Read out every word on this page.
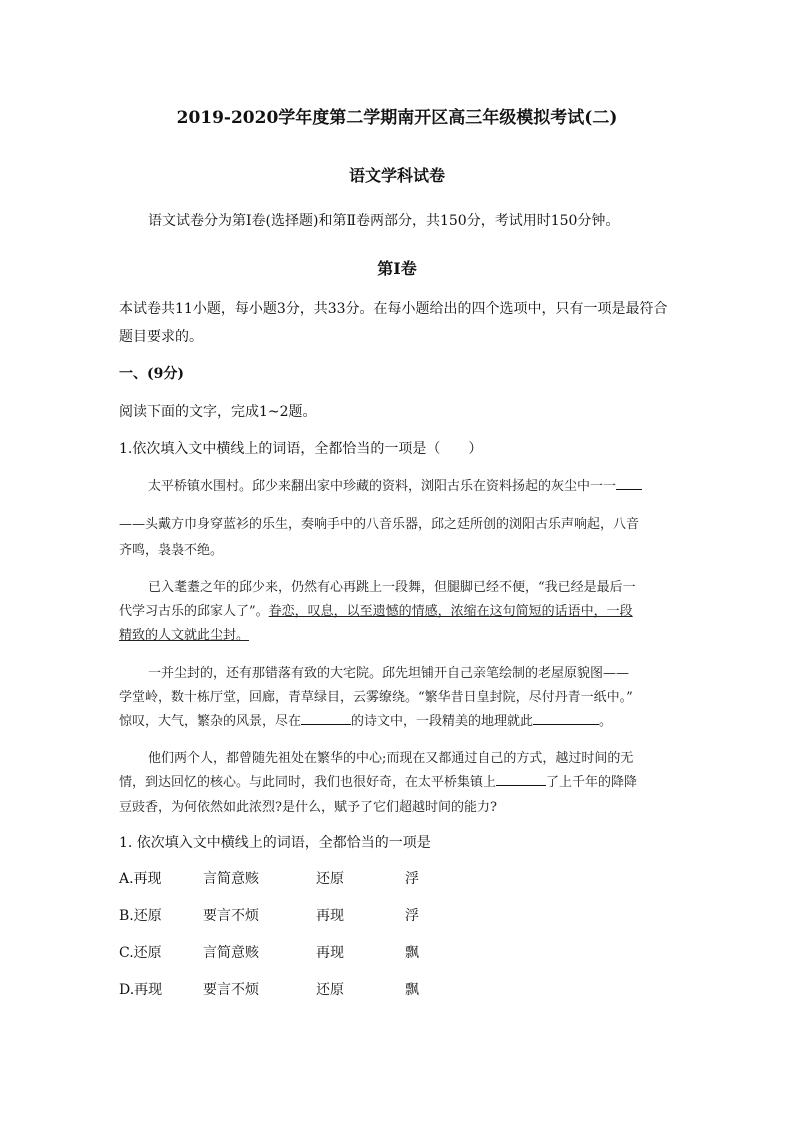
2019-2020学年度第二学期南开区高三年级模拟考试(二)
语文学科试卷
语文试卷分为第Ⅰ卷(选择题)和第Ⅱ卷两部分，共150分，考试用时150分钟。
第Ⅰ卷
本试卷共11小题，每小题3分，共33分。在每小题给出的四个选项中，只有一项是最符合
题目要求的。
一、(9分)
阅读下面的文字，完成1~2题。
1.依次填入文中横线上的词语，全都恰当的一项是（　　）
太平桥镇水围村。邱少来翻出家中珍藏的资料，浏阳古乐在资料扬起的灰尘中一一
——头戴方巾身穿蓝衫的乐生，奏响手中的八音乐器，邱之廷所创的浏阳古乐声响起，八音
齐鸣，袅袅不绝。
已入耄耋之年的邱少来，仍然有心再跳上一段舞，但腿脚已经不便，“我已经是最后一
代学习古乐的邱家人了”。眷恋，叹息，以至遗憾的情感，浓缩在这句简短的话语中，一段
精致的人文就此尘封。
一并尘封的，还有那错落有致的大宅院。邱先坦铺开自己亲笔绘制的老屋原貌图——
学堂岭，数十栋厅堂，回廊，青草绿目，云雾缭绕。“繁华昔日皇封院，尽付丹青一纸中。”
惊叹，大气，繁杂的风景，尽在	的诗文中，一段精美的地理就此	。
他们两个人，都曾随先祖处在繁华的中心;而现在又都通过自己的方式，越过时间的无
情，到达回忆的核心。与此同时，我们也很好奇，在太平桥集镇上	了上千年的降降
豆豉香，为何依然如此浓烈?是什么，赋予了它们超越时间的能力?
1. 依次填入文中横线上的词语，全都恰当的一项是
A.再现	言简意赅	还原	浮
B.还原	要言不烦	再现	浮
C.还原	言简意赅	再现	飘
D.再现	要言不烦	还原	飘
